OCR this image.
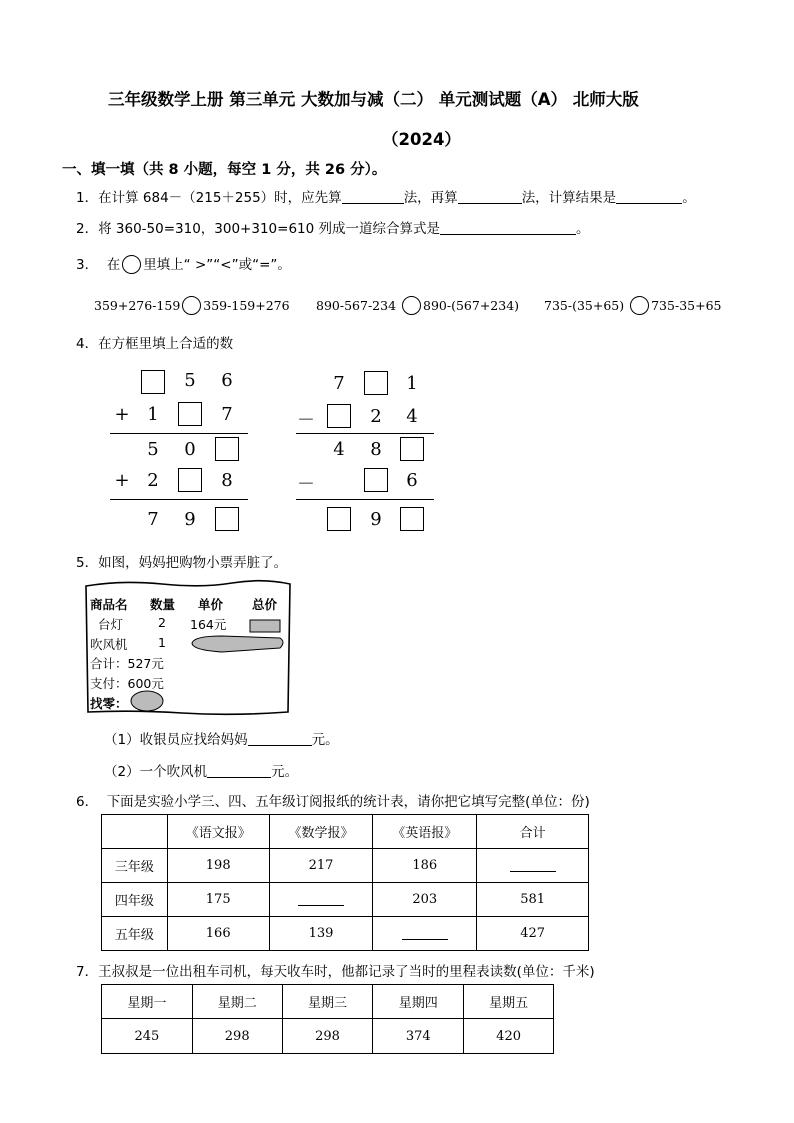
三年级数学上册 第三单元 大数加与减（二） 单元测试题（A） 北师大版
（2024）
一、填一填（共 8 小题，每空 1 分，共 26 分）。
1．在计算 684－（215＋255）时，应先算	法，再算	法，计算结果是	。
2．将 360-50=310，300+310=610 列成一道综合算式是	。
3． 在 里填上“ >”“<”或“=”。
359+276-159 359-159+276 890-567-234 890-(567+234) 735-(35+65) 735-35+65
4．在方框里填上合适的数
5	6
+ 1	7
5	0
+ 2	8
7	9
7	1
－	2	4
4	8
－	6
9
5．如图，妈妈把购物小票弄脏了。
商品名 数量 单价 总价
台灯	2 164元
吹风机 1
合计：527元
支付：600元
找零：
（1）收银员应找给妈妈	元。
（2）一个吹风机	元。
6． 下面是实验小学三、四、五年级订阅报纸的统计表，请你把它填写完整(单位：份)
	《语文报》	《数学报》	《英语报》	合计
三年级	198	217	186	
四年级	175		203	581
五年级	166	139		427
7．王叔叔是一位出租车司机，每天收车时，他都记录了当时的里程表读数(单位：千米)
星期一	星期二	星期三	星期四	星期五
245	298	298	374	420
